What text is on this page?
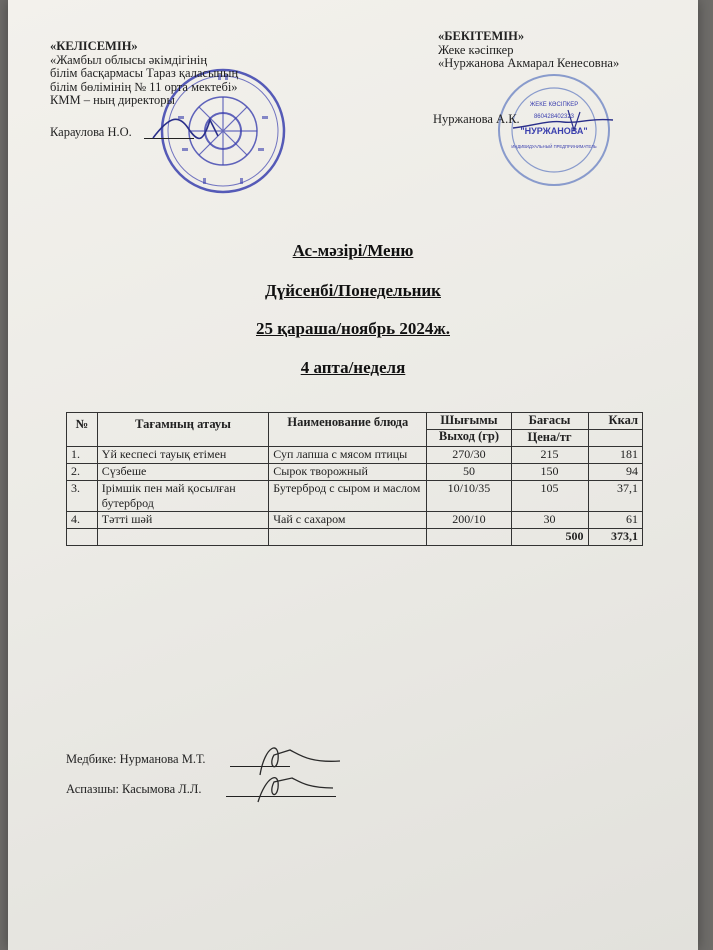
ЖЕКЕ КӘСІПКЕР
860428402323
"НУРЖАНОВА"
ИНДИВИДУАЛЬНЫЙ ПРЕДПРИНИМАТЕЛЬ
«КЕЛІСЕМІН»
«Жамбыл облысы әкімдігінің
білім басқармасы Тараз қаласының
білім бөлімінің № 11 орта мектебі»
КММ – ның директоры
Караулова Н.О.
«БЕКІТЕМІН»
Жеке кәсіпкер
«Нуржанова Акмарал Кенесовна»
Нуржанова А.К.
Ас-мәзірі/Меню
Дүйсенбі/Понедельник
25 қараша/ноябрь 2024ж.
4 апта/неделя
№	Тағамның атауы	Наименование блюда	Шығымы	Бағасы	Ккал
			Выход (гр)	Цена/тг	
1.	Үй кеспесі тауық етімен	Суп лапша с мясом птицы	270/30	215	181
2.	Сүзбеше	Сырок творожный	50	150	94
3.	Ірімшік пен май қосылған бутерброд	Бутерброд с сыром и маслом	10/10/35	105	37,1
4.	Тәтті шәй	Чай с сахаром	200/10	30	61
				500	373,1
Медбике: Нурманова М.Т.
Аспазшы: Касымова Л.Л.
